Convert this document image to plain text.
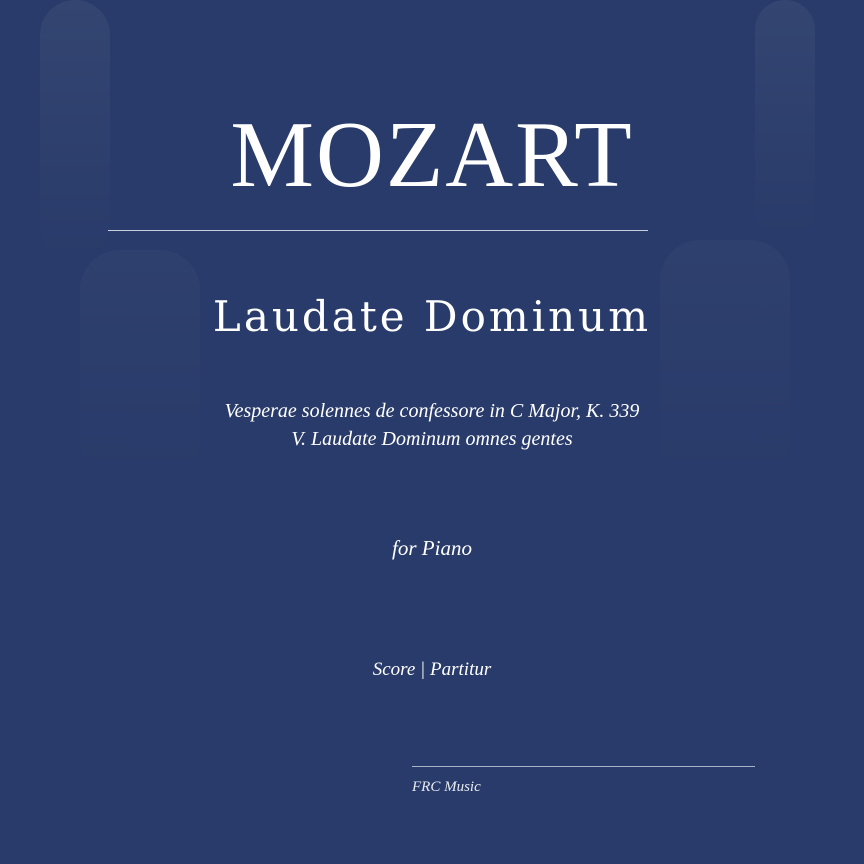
MOZART
Laudate Dominum
Vesperae solennes de confessore in C Major, K. 339
V. Laudate Dominum omnes gentes
for Piano
Score | Partitur
FRC Music
